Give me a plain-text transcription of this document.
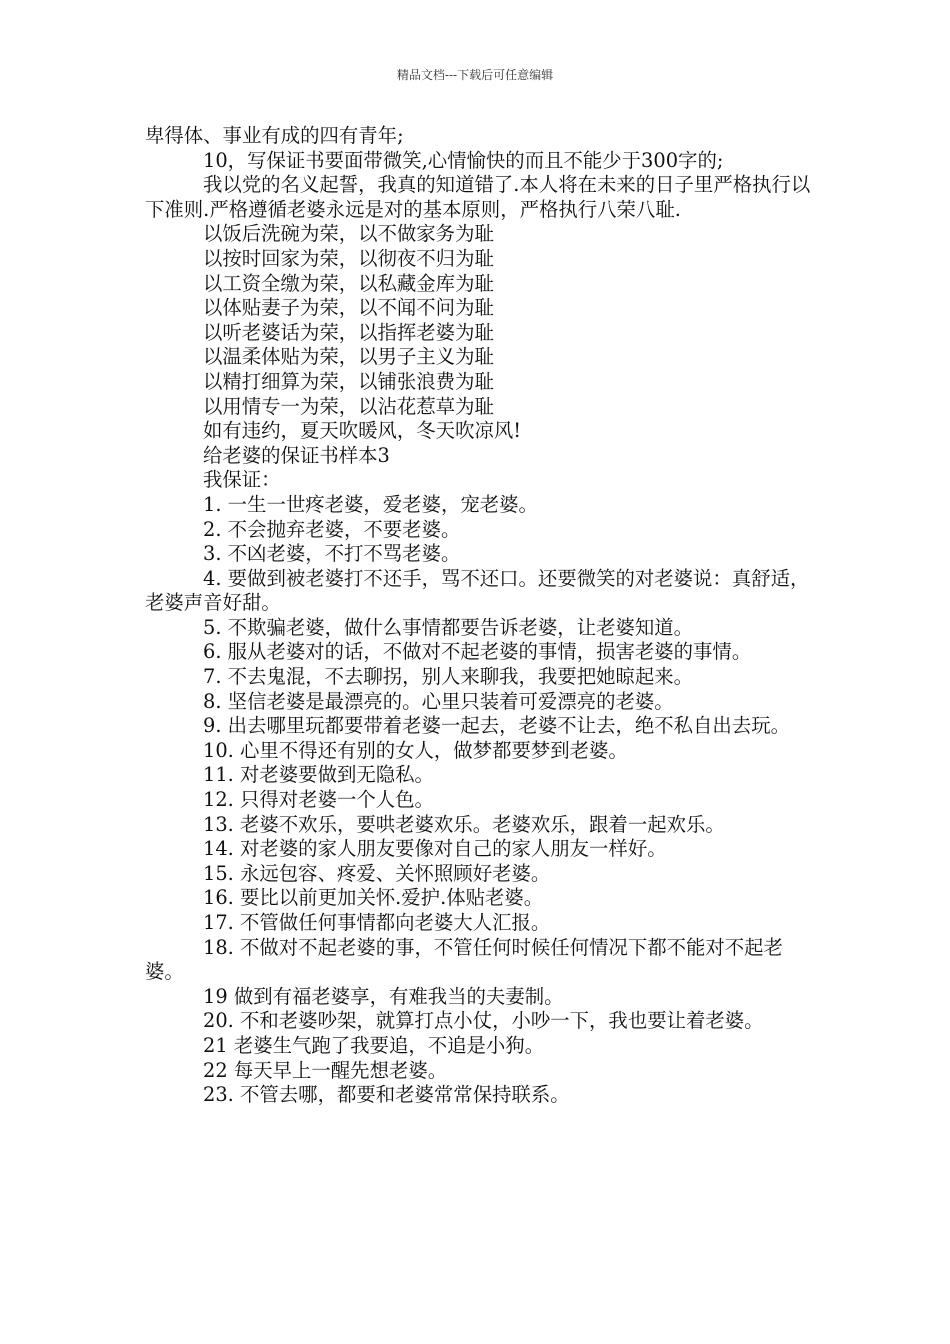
精品文档---下载后可任意编辑

卑得体、事业有成的四有青年;

10，写保证书要面带微笑,心情愉快的而且不能少于300字的;

我以党的名义起誓，我真的知道错了.本人将在未来的日子里严格执行以下准则.严格遵循老婆永远是对的基本原则，严格执行八荣八耻.

以饭后洗碗为荣，以不做家务为耻

以按时回家为荣，以彻夜不归为耻

以工资全缴为荣，以私藏金库为耻

以体贴妻子为荣，以不闻不问为耻

以听老婆话为荣，以指挥老婆为耻

以温柔体贴为荣，以男子主义为耻

以精打细算为荣，以铺张浪费为耻

以用情专一为荣，以沾花惹草为耻

如有违约，夏天吹暖风，冬天吹凉风!

给老婆的保证书样本3

我保证：

1. 一生一世疼老婆，爱老婆，宠老婆。

2. 不会抛弃老婆，不要老婆。

3. 不凶老婆，不打不骂老婆。

4. 要做到被老婆打不还手，骂不还口。还要微笑的对老婆说：真舒适，老婆声音好甜。

5. 不欺骗老婆，做什么事情都要告诉老婆，让老婆知道。

6. 服从老婆对的话，不做对不起老婆的事情，损害老婆的事情。

7. 不去鬼混，不去聊拐，别人来聊我，我要把她晾起来。

8. 坚信老婆是最漂亮的。心里只装着可爱漂亮的老婆。

9. 出去哪里玩都要带着老婆一起去，老婆不让去，绝不私自出去玩。

10. 心里不得还有别的女人，做梦都要梦到老婆。

11. 对老婆要做到无隐私。

12. 只得对老婆一个人色。

13. 老婆不欢乐，要哄老婆欢乐。老婆欢乐，跟着一起欢乐。

14. 对老婆的家人朋友要像对自己的家人朋友一样好。

15. 永远包容、疼爱、关怀照顾好老婆。

16. 要比以前更加关怀.爱护.体贴老婆。

17. 不管做任何事情都向老婆大人汇报。

18. 不做对不起老婆的事，不管任何时候任何情况下都不能对不起老婆。

19 做到有福老婆享，有难我当的夫妻制。

20. 不和老婆吵架，就算打点小仗，小吵一下，我也要让着老婆。

21 老婆生气跑了我要追，不追是小狗。

22 每天早上一醒先想老婆。

23. 不管去哪，都要和老婆常常保持联系。
